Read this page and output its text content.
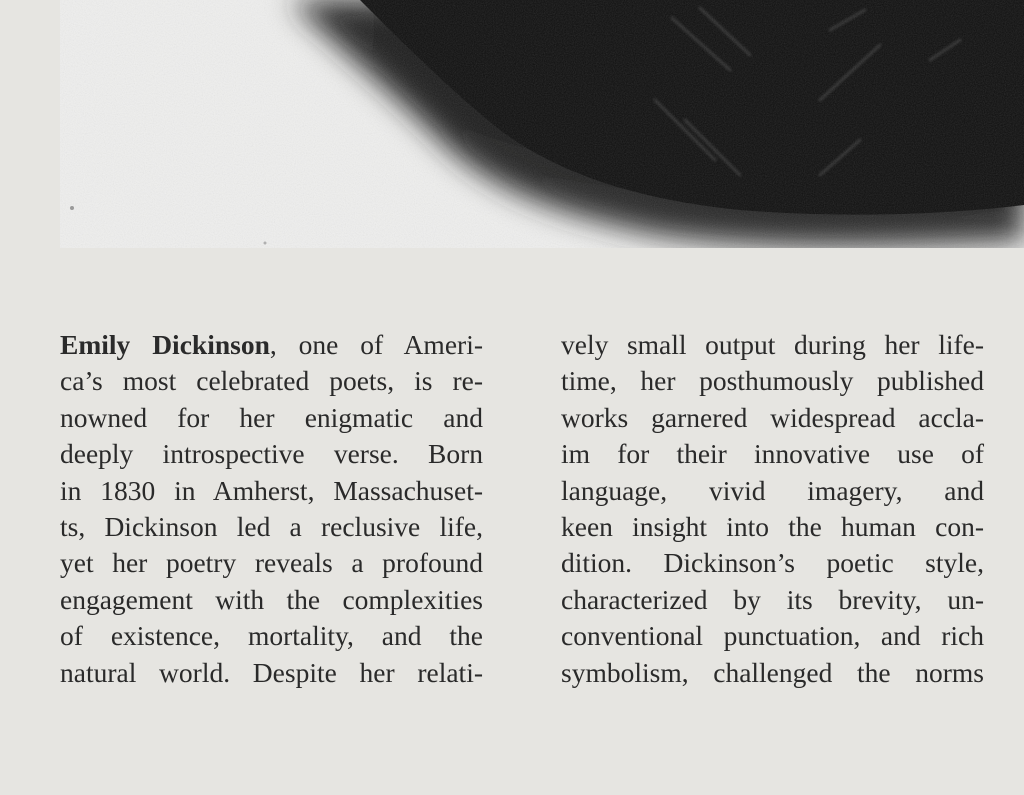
Emily Dickinson, one of Ameri-
ca’s most celebrated poets, is re-
nowned for her enigmatic and
deeply introspective verse. Born
in 1830 in Amherst, Massachuset-
ts, Dickinson led a reclusive life,
yet her poetry reveals a profound
engagement with the complexities
of existence, mortality, and the
natural world. Despite her relati-
vely small output during her life-
time, her posthumously published
works garnered widespread accla-
im for their innovative use of
language, vivid imagery, and
keen insight into the human con-
dition. Dickinson’s poetic style,
characterized by its brevity, un-
conventional punctuation, and rich
symbolism, challenged the norms
